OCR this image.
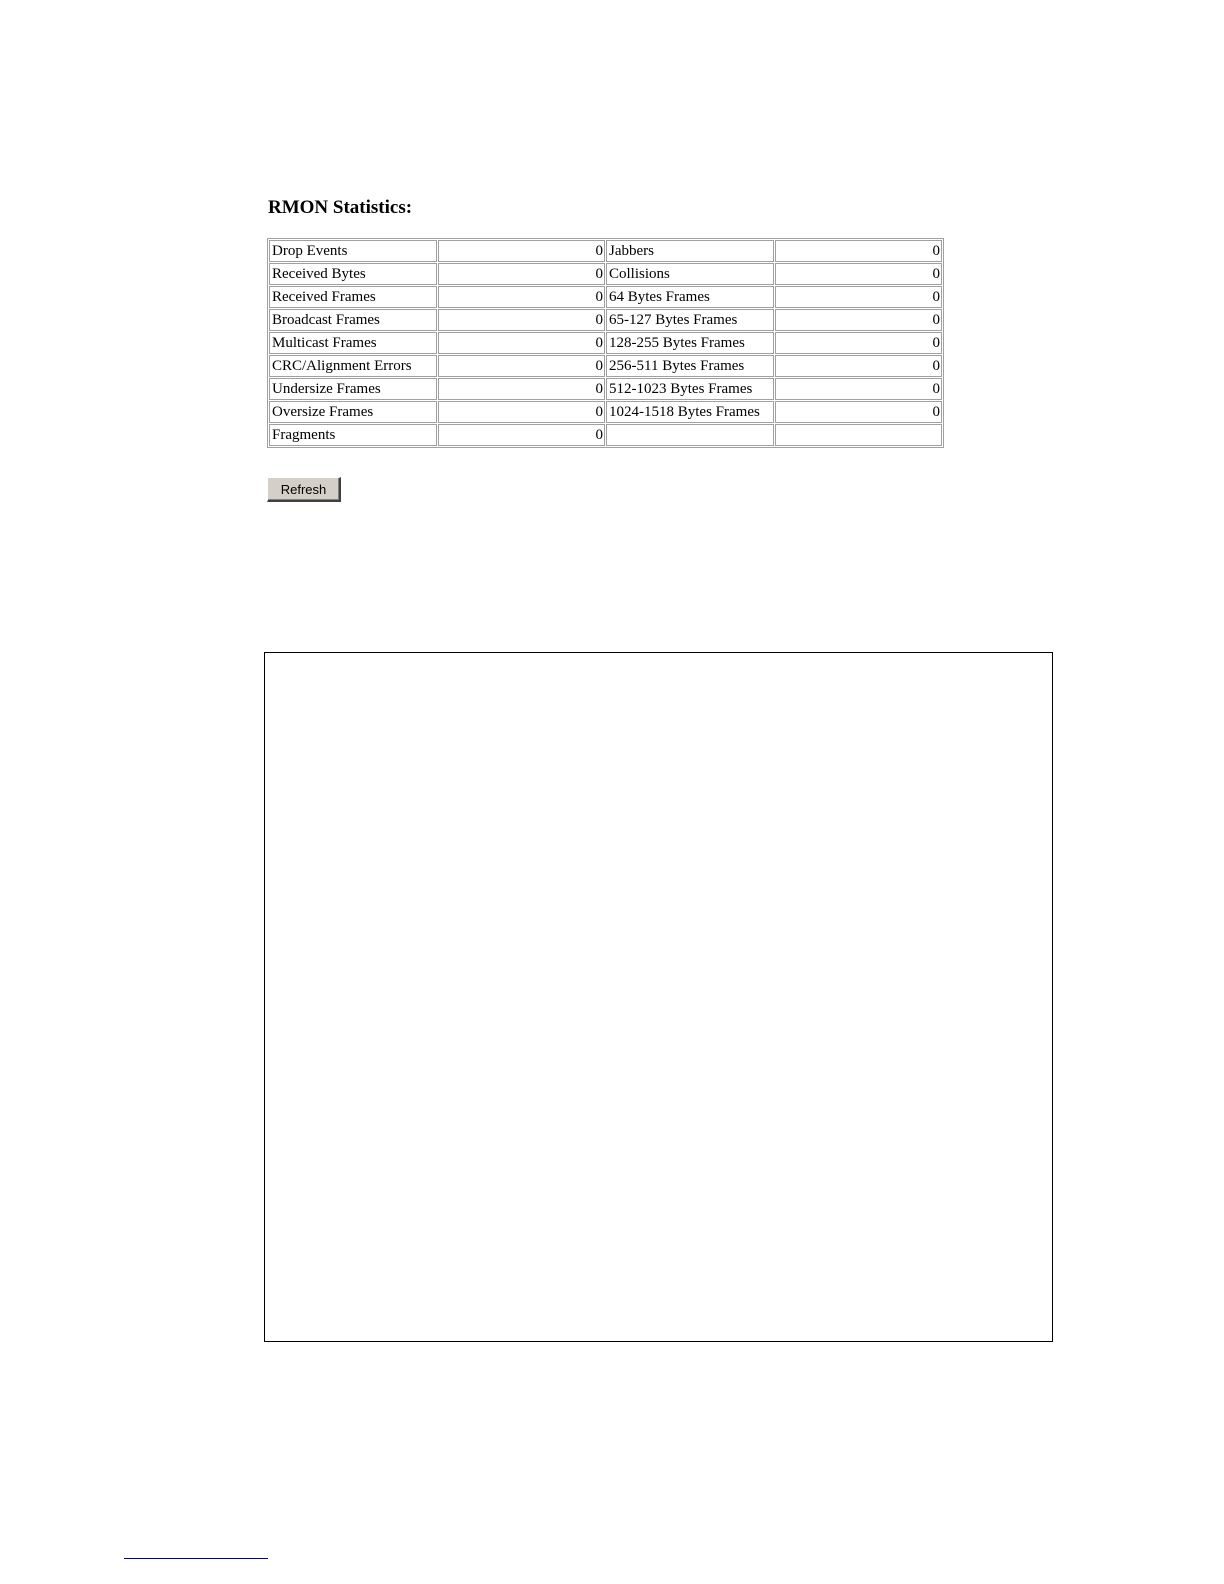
RMON Statistics:
Drop Events	0	Jabbers	0
Received Bytes	0	Collisions	0
Received Frames	0	64 Bytes Frames	0
Broadcast Frames	0	65-127 Bytes Frames	0
Multicast Frames	0	128-255 Bytes Frames	0
CRC/Alignment Errors	0	256-511 Bytes Frames	0
Undersize Frames	0	512-1023 Bytes Frames	0
Oversize Frames	0	1024-1518 Bytes Frames	0
Fragments	0		
Refresh
